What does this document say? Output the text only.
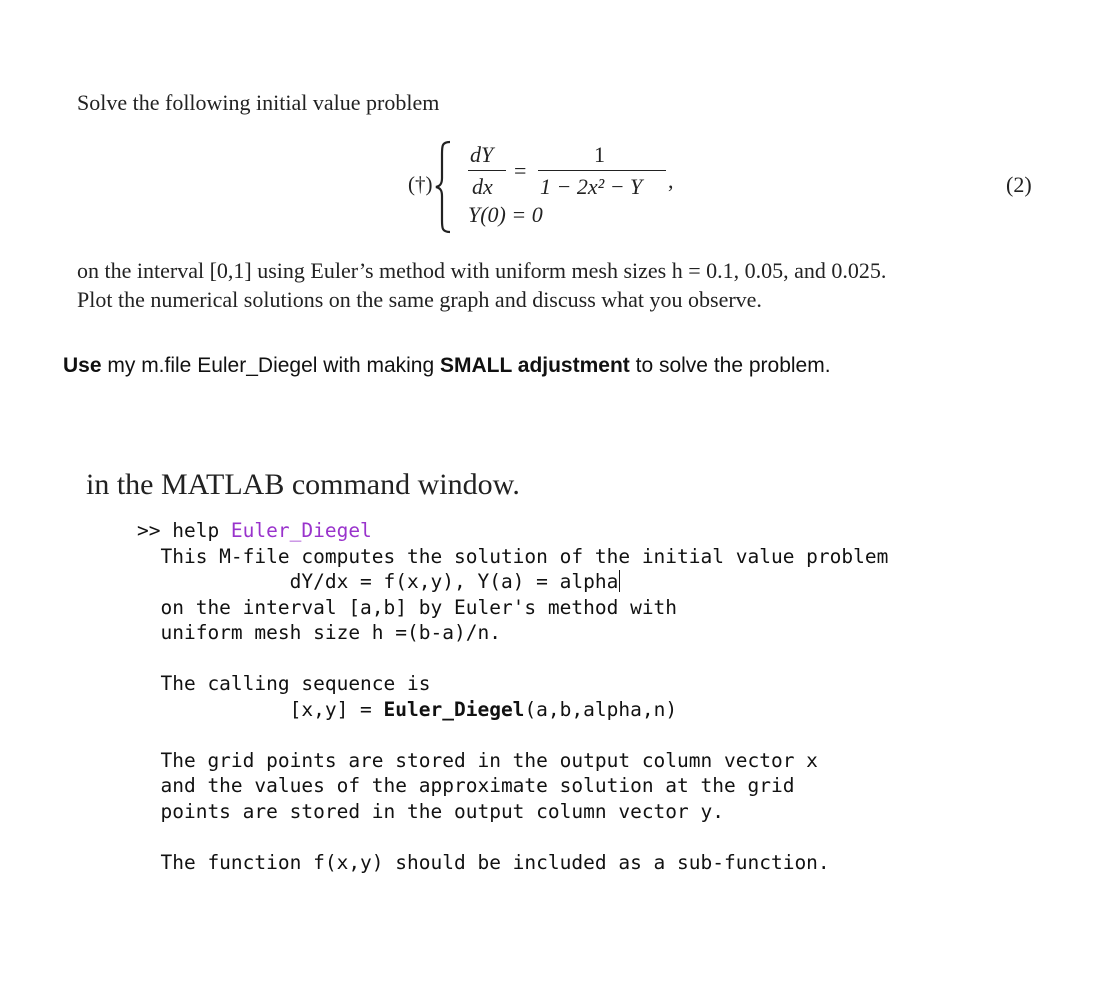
Solve the following initial value problem
(†)
dY
dx
=
1
1 − 2x² − Y ,
Y(0) = 0
(2)
on the interval [0,1] using Euler’s method with uniform mesh sizes h = 0.1, 0.05, and 0.025.
Plot the numerical solutions on the same graph and discuss what you observe.
Use my m.file Euler_Diegel with making SMALL adjustment to solve the problem.
in the MATLAB command window.
>> help Euler_Diegel
This M-file computes the solution of the initial value problem
dY/dx = f(x,y), Y(a) = alpha
on the interval [a,b] by Euler's method with
uniform mesh size h =(b-a)/n.

The calling sequence is
[x,y] = Euler_Diegel(a,b,alpha,n)

The grid points are stored in the output column vector x
and the values of the approximate solution at the grid
points are stored in the output column vector y.

The function f(x,y) should be included as a sub-function.
